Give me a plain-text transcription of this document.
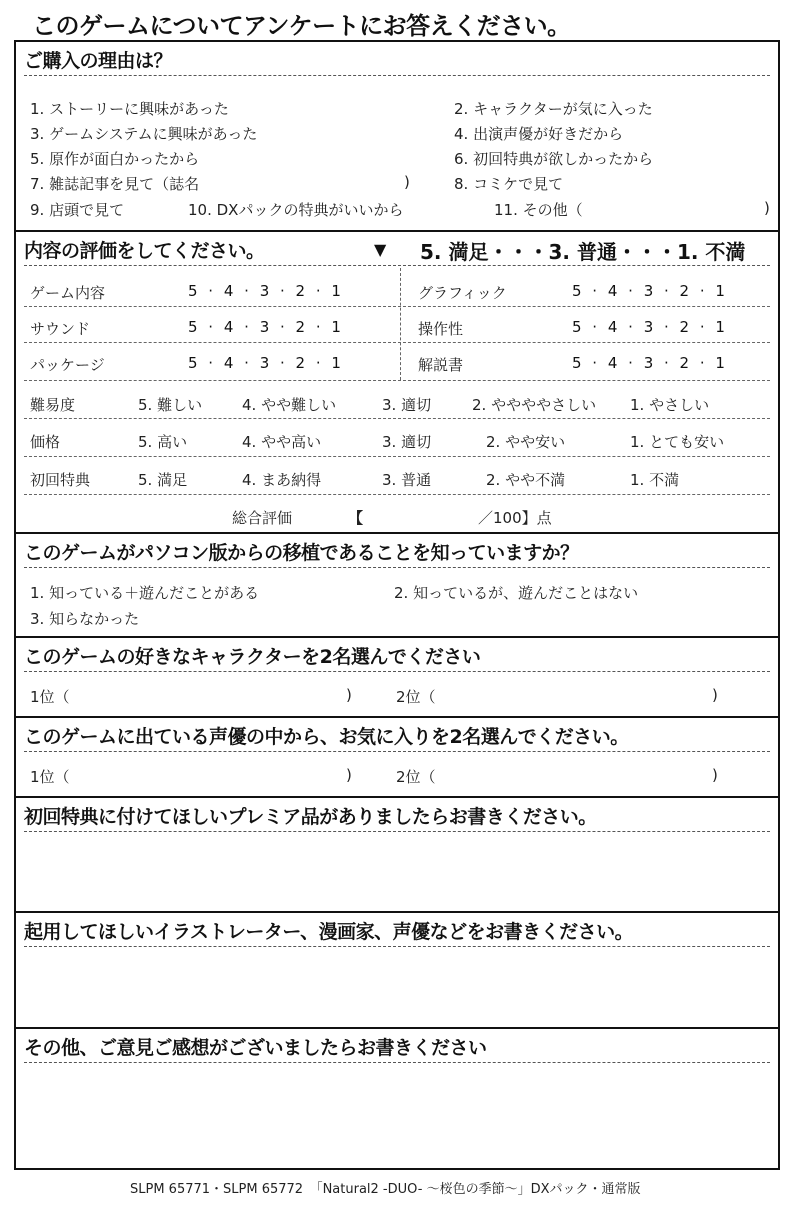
このゲームについてアンケートにお答えください。
ご購入の理由は？
1. ストーリーに興味があった	2. キャラクターが気に入った
3. ゲームシステムに興味があった	4. 出演声優が好きだから
5. 原作が面白かったから	6. 初回特典が欲しかったから
7. 雑誌記事を見て（誌名	)	8. コミケで見て
9. 店頭で見て	10. DXパックの特典がいいから	11. その他（	)
内容の評価をしてください。	▼ 5. 満足・・・3. 普通・・・1. 不満
ゲーム内容	5 · 4 · 3 · 2 · 1	グラフィック	5 · 4 · 3 · 2 · 1
サウンド	5 · 4 · 3 · 2 · 1	操作性	5 · 4 · 3 · 2 · 1
パッケージ	5 · 4 · 3 · 2 · 1	解説書	5 · 4 · 3 · 2 · 1
難易度	5. 難しい	4. やや難しい	3. 適切	2. ややややさしい 1. やさしい
価格	5. 高い	4. やや高い	3. 適切	2. やや安い	1. とても安い
初回特典	5. 満足	4. まあ納得	3. 普通	2. やや不満	1. 不満
総合評価	【	／100】点
このゲームがパソコン版からの移植であることを知っていますか？
1. 知っている＋遊んだことがある	2. 知っているが、遊んだことはない
3. 知らなかった
このゲームの好きなキャラクターを2名選んでください
1位（	)	2位（	)
このゲームに出ている声優の中から、お気に入りを2名選んでください。
1位（	)	2位（	)
初回特典に付けてほしいプレミア品がありましたらお書きください。
起用してほしいイラストレーター、漫画家、声優などをお書きください。
その他、ご意見ご感想がございましたらお書きください
SLPM 65771・SLPM 65772　「Natural2 -DUO- ～桜色の季節～」DXパック・通常版
